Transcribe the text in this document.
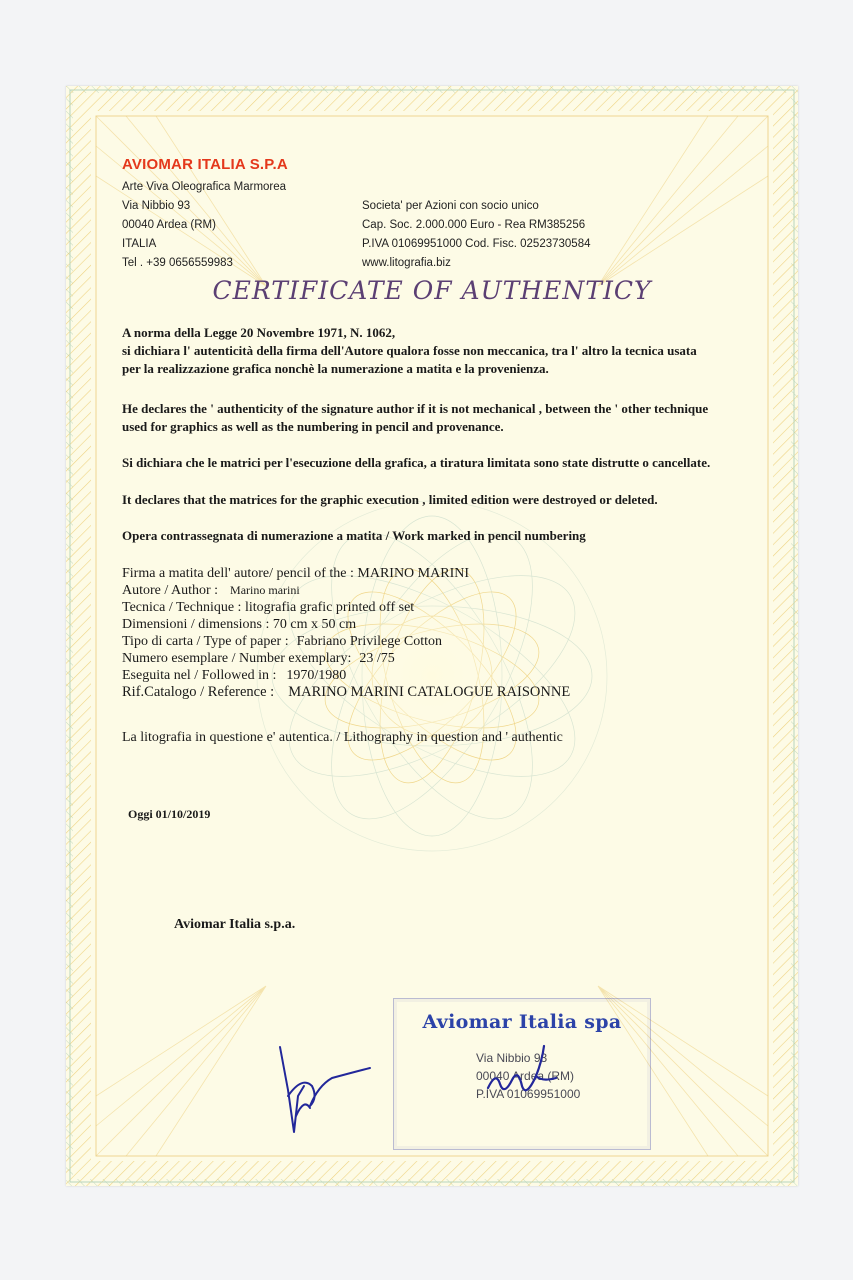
AVIOMAR ITALIA S.P.A
Arte Viva Oleografica Marmorea
Via Nibbio 93
00040 Ardea (RM)
ITALIA
Tel . +39 0656559983
Societa' per Azioni con socio unico
Cap. Soc. 2.000.000 Euro - Rea RM385256
P.IVA 01069951000 Cod. Fisc. 02523730584
www.litografia.biz
CERTIFICATE OF AUTHENTICY
A norma della Legge 20 Novembre 1971, N. 1062,
si dichiara l' autenticità della firma dell'Autore qualora fosse non meccanica, tra l' altro la tecnica usata
per la realizzazione grafica nonchè la numerazione a matita e la provenienza.
He declares the ' authenticity of the signature author if it is not mechanical , between the ' other technique
used for graphics as well as the numbering in pencil and provenance.
Si dichiara che le matrici per l'esecuzione della grafica, a tiratura limitata sono state distrutte o cancellate.
It declares that the matrices for the graphic execution , limited edition were destroyed or deleted.
Opera contrassegnata di numerazione a matita / Work marked in pencil numbering
Firma a matita dell' autore/ pencil of the : MARINO MARINI
Autore / Author : Marino marini
Tecnica / Technique : litografia grafic printed off set
Dimensioni / dimensions : 70 cm x 50 cm
Tipo di carta / Type of paper : Fabriano Privilege Cotton
Numero esemplare / Number exemplary: 23 /75
Eseguita nel / Followed in : 1970/1980
Rif.Catalogo / Reference : MARINO MARINI CATALOGUE RAISONNE
La litografia in questione e' autentica. / Lithography in question and ' authentic
Oggi 01/10/2019
Aviomar Italia s.p.a.
Aviomar Italia spa
Via Nibbio 93
00040 Ardea (RM)
P.IVA 01069951000
